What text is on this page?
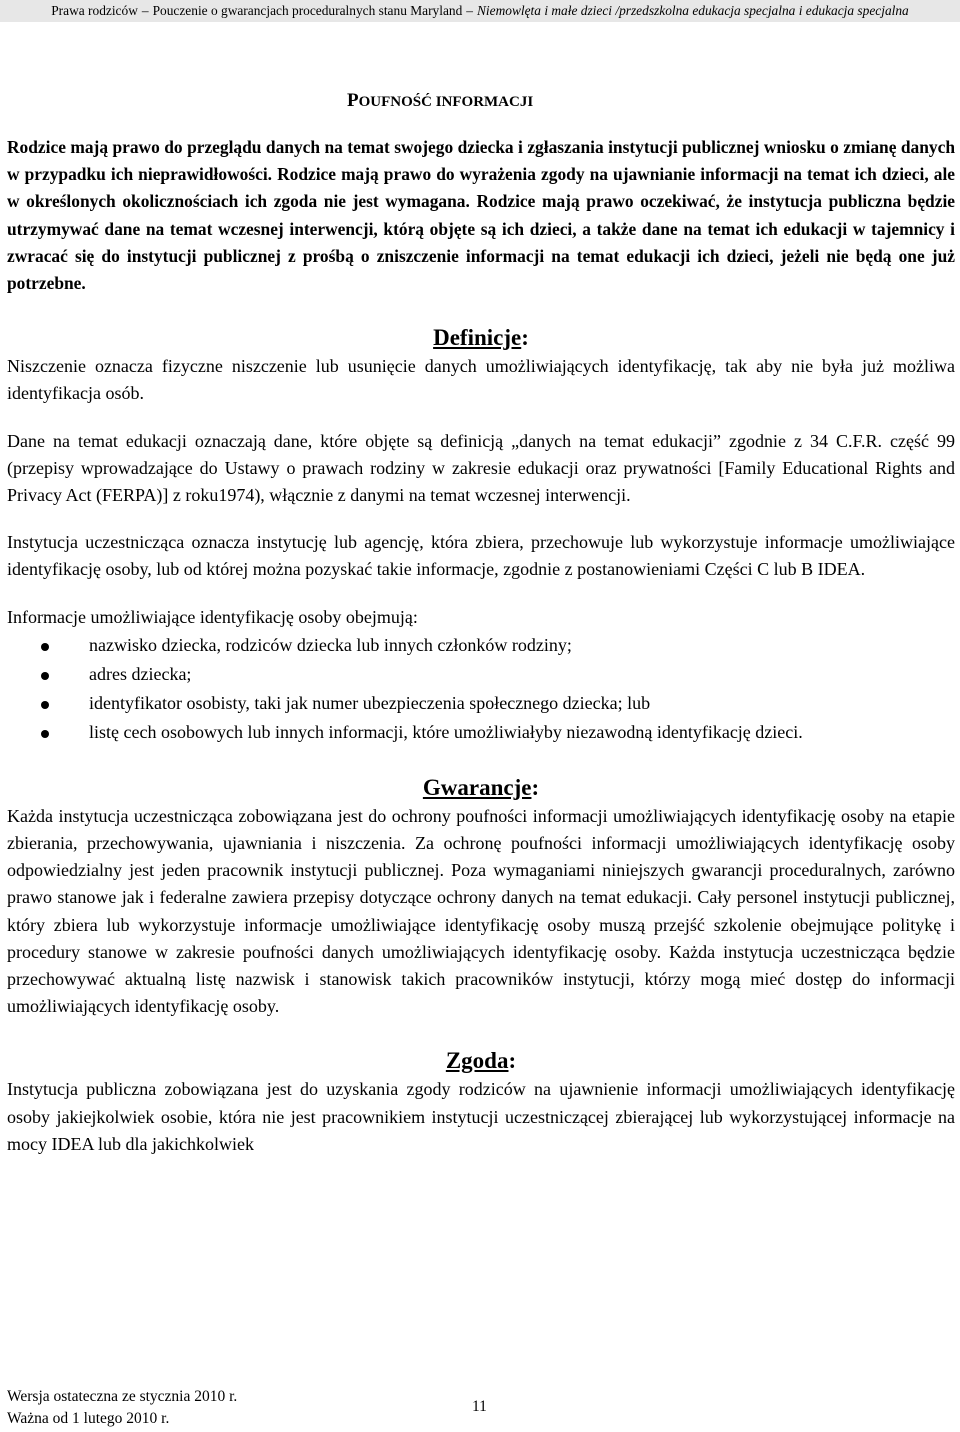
Prawa rodziców – Pouczenie o gwarancjach proceduralnych stanu Maryland – Niemowlęta i małe dzieci /przedszkolna edukacja specjalna i edukacja specjalna
POUFNOŚĆ INFORMACJI

Rodzice mają prawo do przeglądu danych na temat swojego dziecka i zgłaszania instytucji publicznej wniosku o zmianę danych w przypadku ich nieprawidłowości. Rodzice mają prawo do wyrażenia zgody na ujawnianie informacji na temat ich dzieci, ale w określonych okolicznościach ich zgoda nie jest wymagana. Rodzice mają prawo oczekiwać, że instytucja publiczna będzie utrzymywać dane na temat wczesnej interwencji, którą objęte są ich dzieci, a także dane na temat ich edukacji w tajemnicy i zwracać się do instytucji publicznej z prośbą o zniszczenie informacji na temat edukacji ich dzieci, jeżeli nie będą one już potrzebne.

Definicje:

Niszczenie oznacza fizyczne niszczenie lub usunięcie danych umożliwiających identyfikację, tak aby nie była już możliwa identyfikacja osób.

Dane na temat edukacji oznaczają dane, które objęte są definicją „danych na temat edukacji” zgodnie z 34 C.F.R. część 99 (przepisy wprowadzające do Ustawy o prawach rodziny w zakresie edukacji oraz prywatności [Family Educational Rights and Privacy Act (FERPA)] z roku1974), włącznie z danymi na temat wczesnej interwencji.

Instytucja uczestnicząca oznacza instytucję lub agencję, która zbiera, przechowuje lub wykorzystuje informacje umożliwiające identyfikację osoby, lub od której można pozyskać takie informacje, zgodnie z postanowieniami Części C lub B IDEA.

Informacje umożliwiające identyfikację osoby obejmują:

nazwisko dziecka, rodziców dziecka lub innych członków rodziny;
adres dziecka;
identyfikator osobisty, taki jak numer ubezpieczenia społecznego dziecka; lub
listę cech osobowych lub innych informacji, które umożliwiałyby niezawodną identyfikację dzieci.
Gwarancje:

Każda instytucja uczestnicząca zobowiązana jest do ochrony poufności informacji umożliwiających identyfikację osoby na etapie zbierania, przechowywania, ujawniania i niszczenia. Za ochronę poufności informacji umożliwiających identyfikację osoby odpowiedzialny jest jeden pracownik instytucji publicznej. Poza wymaganiami niniejszych gwarancji proceduralnych, zarówno prawo stanowe jak i federalne zawiera przepisy dotyczące ochrony danych na temat edukacji. Cały personel instytucji publicznej, który zbiera lub wykorzystuje informacje umożliwiające identyfikację osoby muszą przejść szkolenie obejmujące politykę i procedury stanowe w zakresie poufności danych umożliwiających identyfikację osoby. Każda instytucja uczestnicząca będzie przechowywać aktualną listę nazwisk i stanowisk takich pracowników instytucji, którzy mogą mieć dostęp do informacji umożliwiających identyfikację osoby.

Zgoda:

Instytucja publiczna zobowiązana jest do uzyskania zgody rodziców na ujawnienie informacji umożliwiających identyfikację osoby jakiejkolwiek osobie, która nie jest pracownikiem instytucji uczestniczącej zbierającej lub wykorzystującej informacje na mocy IDEA lub dla jakichkolwiek

Wersja ostateczna ze stycznia 2010 r.
Ważna od 1 lutego 2010 r.
11
